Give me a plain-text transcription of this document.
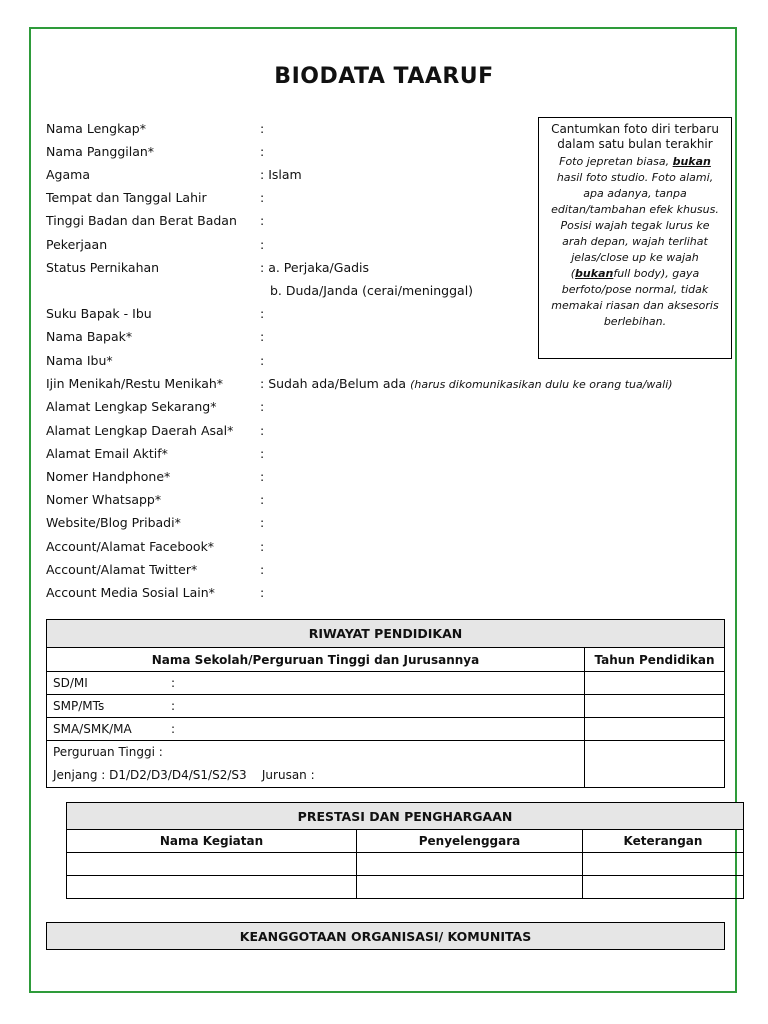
BIODATA TAARUF
Nama Lengkap*	:
Nama Panggilan*	:
Agama	: Islam
Tempat dan Tanggal Lahir	:
Tinggi Badan dan Berat Badan :
Pekerjaan	:
Status Pernikahan	: a. Perjaka/Gadis
b. Duda/Janda (cerai/meninggal)
Suku Bapak - Ibu	:
Nama Bapak*	:
Nama Ibu*	:
Ijin Menikah/Restu Menikah*	: Sudah ada/Belum ada (harus dikomunikasikan dulu ke orang tua/wali)
Alamat Lengkap Sekarang*	:
Alamat Lengkap Daerah Asal* :
Alamat Email Aktif*	:
Nomer Handphone*	:
Nomer Whatsapp*	:
Website/Blog Pribadi*	:
Account/Alamat Facebook*	:
Account/Alamat Twitter*	:
Account Media Sosial Lain*	:
Cantumkan foto diri terbaru dalam satu bulan terakhir
Foto jepretan biasa, bukan hasil foto studio. Foto alami, apa adanya, tanpa editan/tambahan efek khusus. Posisi wajah tegak lurus ke arah depan, wajah terlihat jelas/close up ke wajah (bukanfull body), gaya berfoto/pose normal, tidak memakai riasan dan aksesoris berlebihan.
RIWAYAT PENDIDIKAN	
Nama Sekolah/Perguruan Tinggi dan Jurusannya	Tahun Pendidikan
SD/MI :	
SMP/MTs :	
SMA/SMK/MA :	

Perguruan Tinggi :
Jenjang : D1/D2/D3/D4/S1/S2/S3 Jurusan :	

PRESTASI DAN PENGHARGAAN		
Nama Kegiatan	Penyelenggara	Keterangan

KEANGGOTAAN ORGANISASI/ KOMUNITAS
